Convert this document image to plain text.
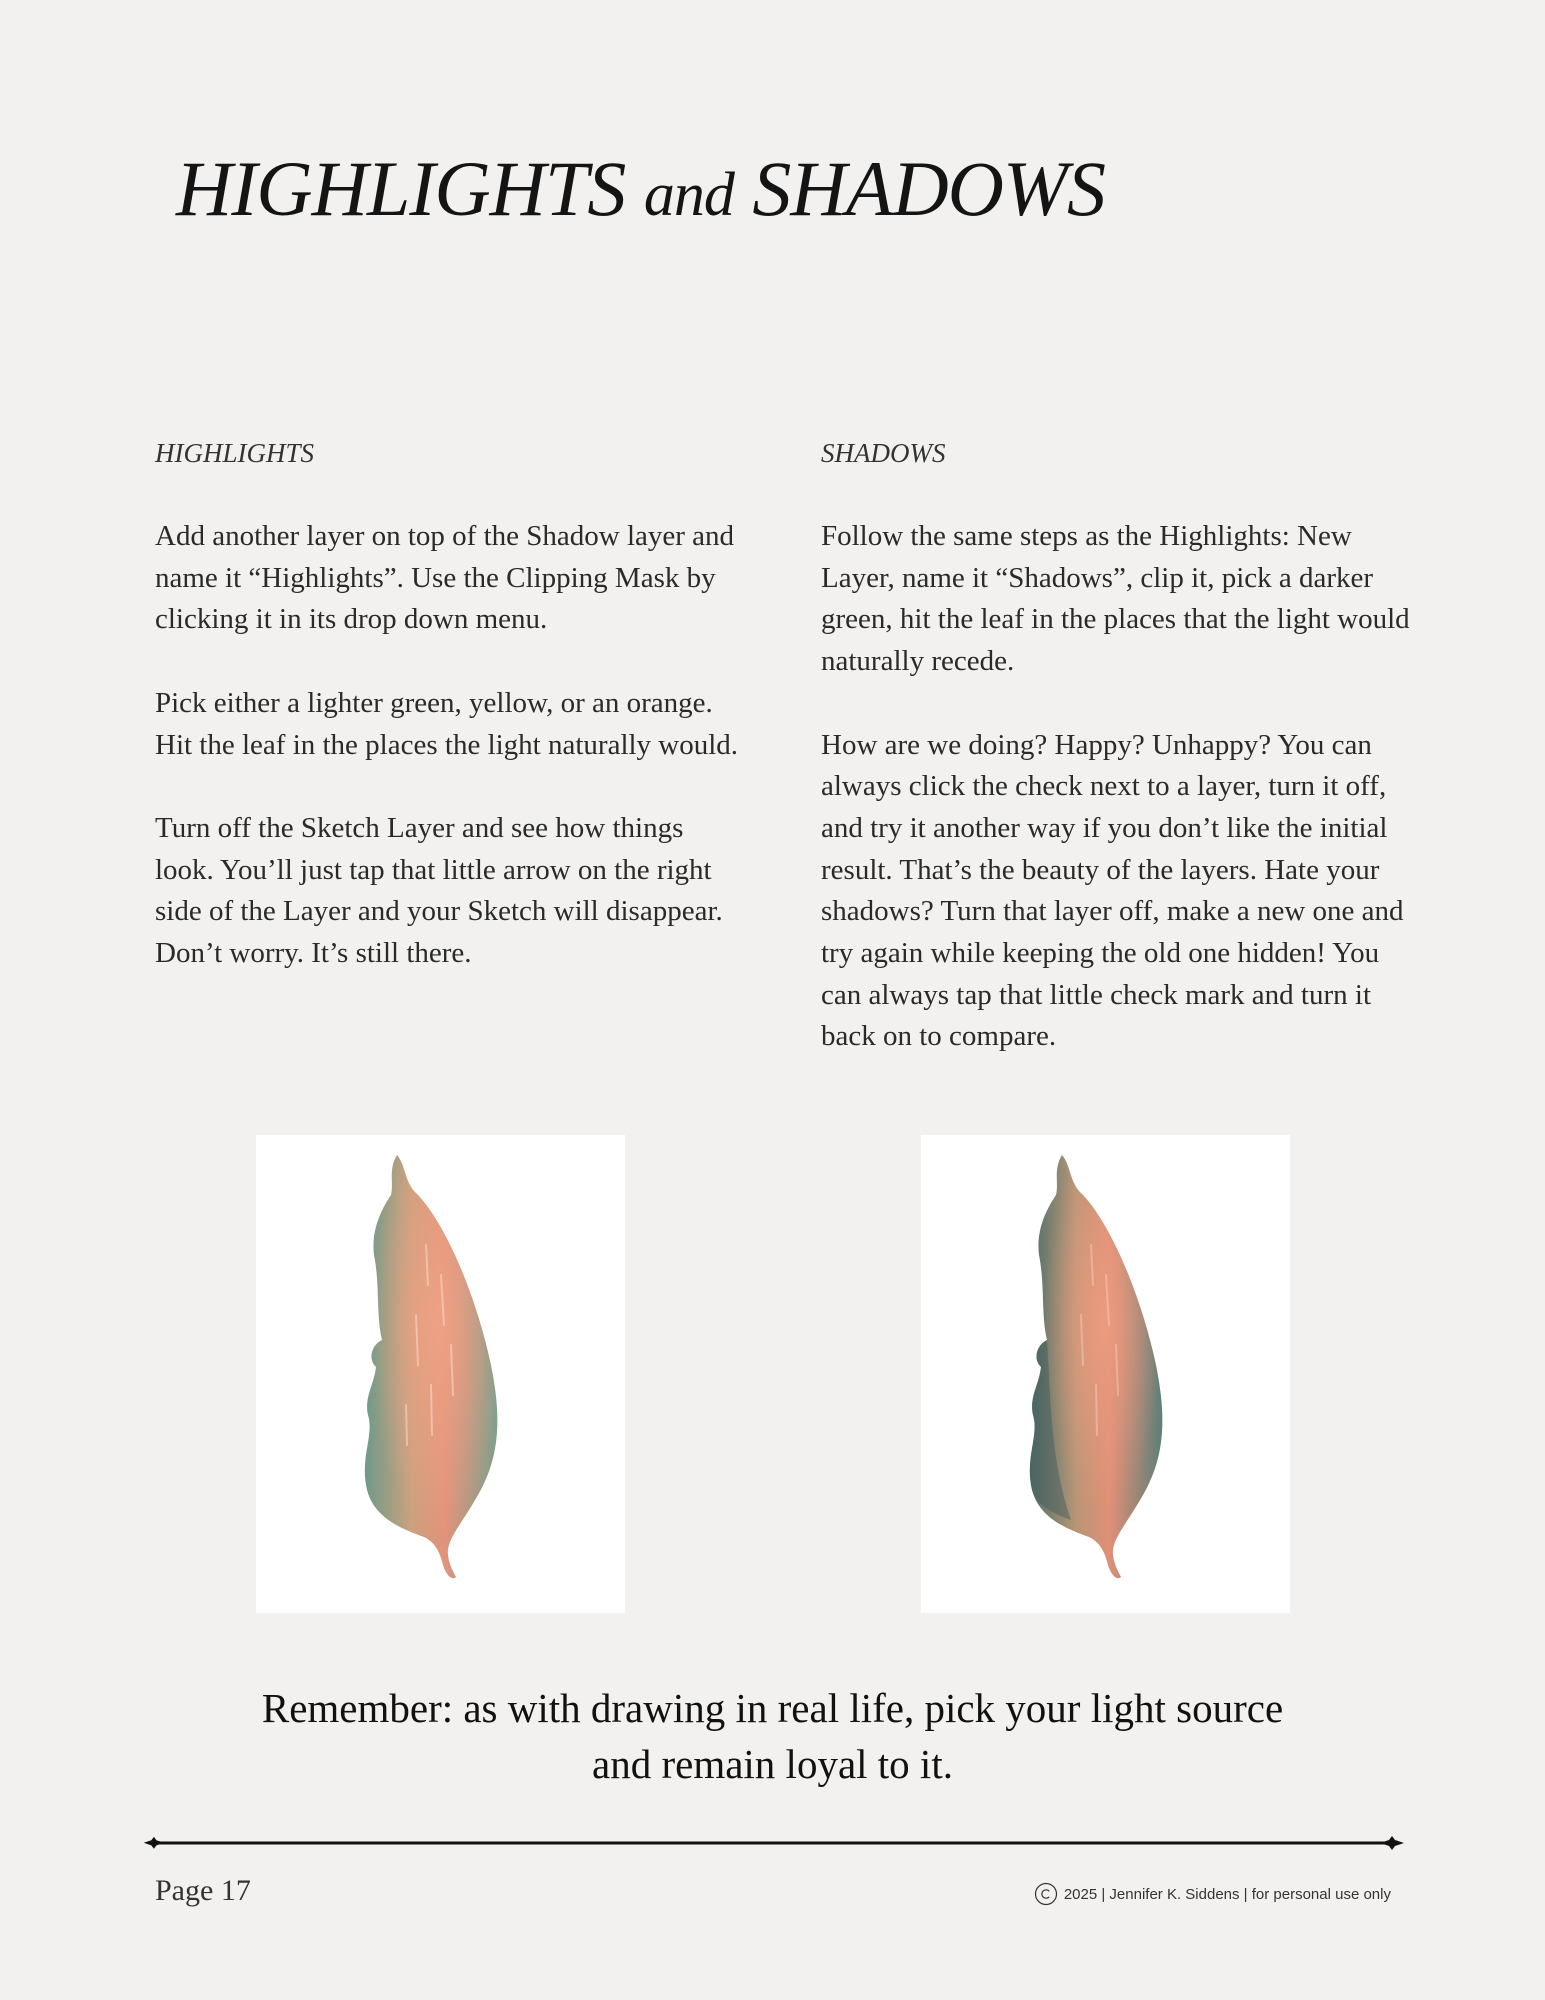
HIGHLIGHTS and SHADOWS
HIGHLIGHTS

Add another layer on top of the Shadow layer and name it “Highlights”. Use the Clipping Mask by clicking it in its drop down menu.

Pick either a lighter green, yellow, or an orange. Hit the leaf in the places the light naturally would.

Turn off the Sketch Layer and see how things look. You’ll just tap that little arrow on the right side of the Layer and your Sketch will disappear. Don’t worry. It’s still there.

SHADOWS

Follow the same steps as the Highlights: New Layer, name it “Shadows”, clip it, pick a darker green, hit the leaf in the places that the light would naturally recede.

How are we doing? Happy? Unhappy? You can always click the check next to a layer, turn it off, and try it another way if you don’t like the initial result. That’s the beauty of the layers. Hate your shadows? Turn that layer off, make a new one and try again while keeping the old one hidden! You can always tap that little check mark and turn it back on to compare.

Remember: as with drawing in real life, pick your light source
and remain loyal to it.
Page 17	2025 | Jennifer K. Siddens | for personal use only
